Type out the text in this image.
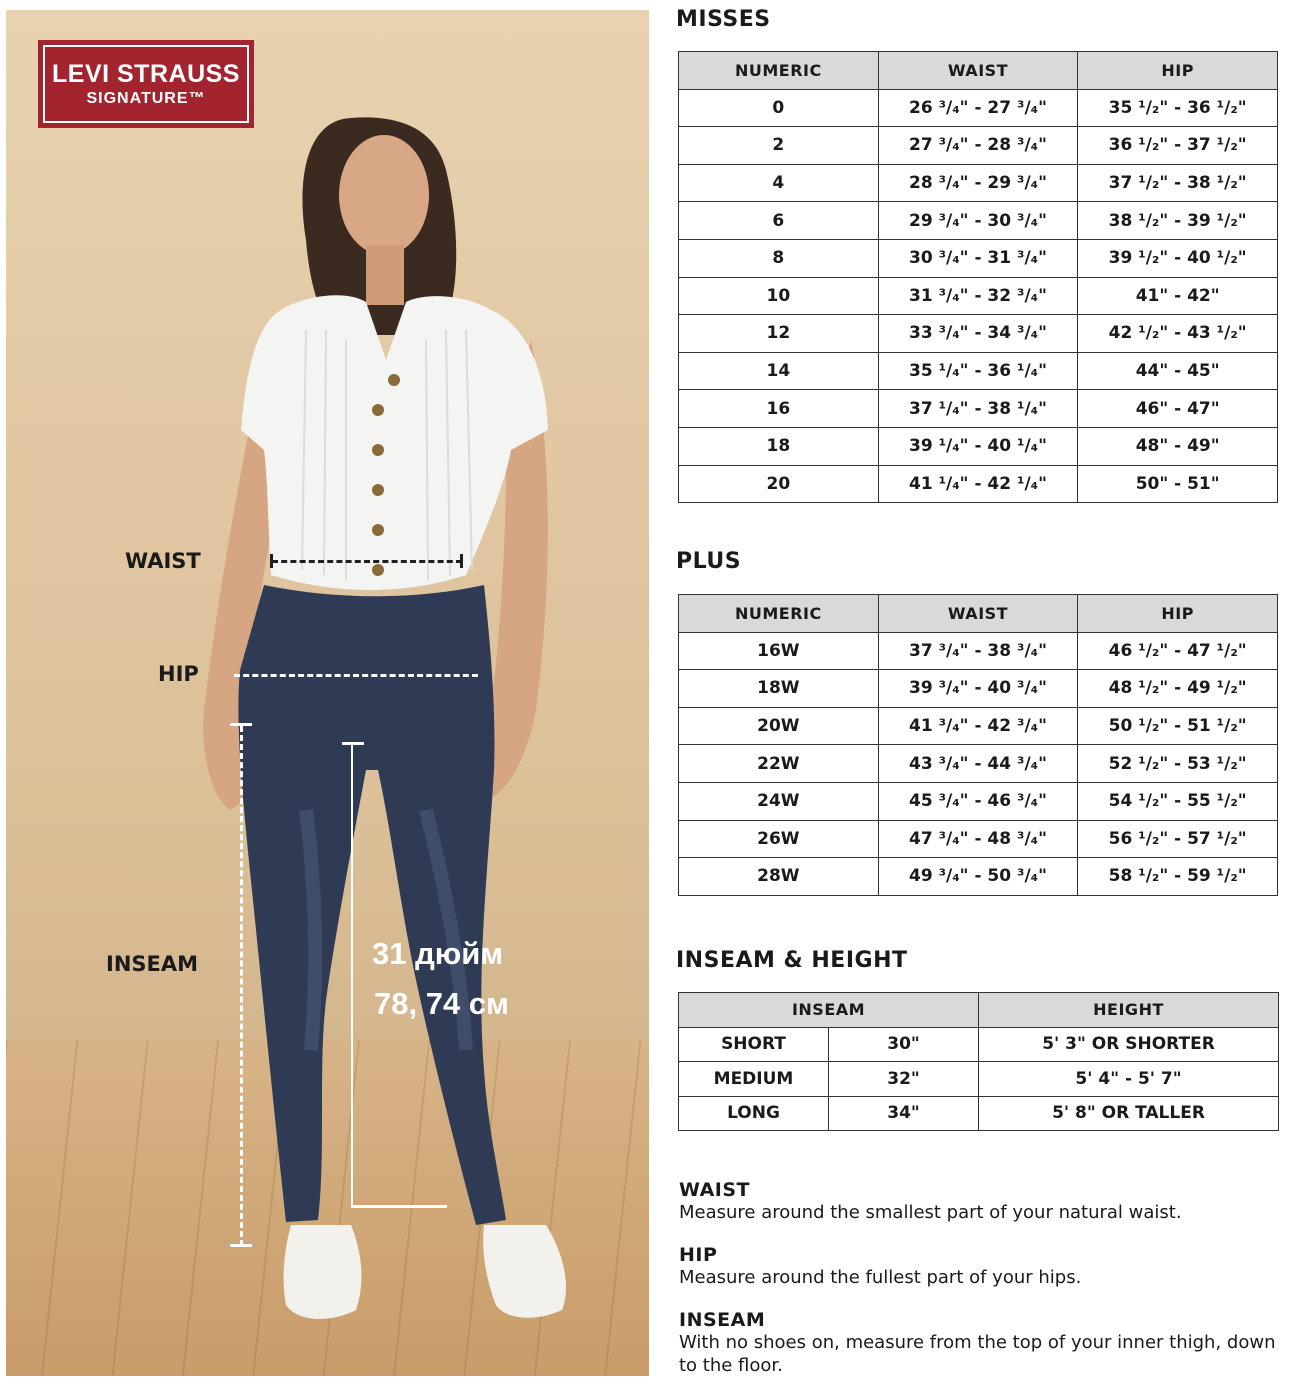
LEVI STRAUSS
SIGNATURE™
WAIST
HIP
INSEAM	31 дюйм
78, 74 см
MISSES
NUMERIC	WAIST	HIP
0	26 ³/₄" - 27 ³/₄"	35 ¹/₂" - 36 ¹/₂"
2	27 ³/₄" - 28 ³/₄"	36 ¹/₂" - 37 ¹/₂"
4	28 ³/₄" - 29 ³/₄"	37 ¹/₂" - 38 ¹/₂"
6	29 ³/₄" - 30 ³/₄"	38 ¹/₂" - 39 ¹/₂"
8	30 ³/₄" - 31 ³/₄"	39 ¹/₂" - 40 ¹/₂"
10	31 ³/₄" - 32 ³/₄"	41" - 42"
12	33 ³/₄" - 34 ³/₄"	42 ¹/₂" - 43 ¹/₂"
14	35 ¹/₄" - 36 ¹/₄"	44" - 45"
16	37 ¹/₄" - 38 ¹/₄"	46" - 47"
18	39 ¹/₄" - 40 ¹/₄"	48" - 49"
20	41 ¹/₄" - 42 ¹/₄"	50" - 51"
PLUS
NUMERIC	WAIST	HIP
16W	37 ³/₄" - 38 ³/₄"	46 ¹/₂" - 47 ¹/₂"
18W	39 ³/₄" - 40 ³/₄"	48 ¹/₂" - 49 ¹/₂"
20W	41 ³/₄" - 42 ³/₄"	50 ¹/₂" - 51 ¹/₂"
22W	43 ³/₄" - 44 ³/₄"	52 ¹/₂" - 53 ¹/₂"
24W	45 ³/₄" - 46 ³/₄"	54 ¹/₂" - 55 ¹/₂"
26W	47 ³/₄" - 48 ³/₄"	56 ¹/₂" - 57 ¹/₂"
28W	49 ³/₄" - 50 ³/₄"	58 ¹/₂" - 59 ¹/₂"
INSEAM & HEIGHT
INSEAM		HEIGHT
SHORT	30"	5' 3" OR SHORTER
MEDIUM	32"	5' 4" - 5' 7"
LONG	34"	5' 8" OR TALLER
WAIST
Measure around the smallest part of your natural waist.
HIP
Measure around the fullest part of your hips.
INSEAM
With no shoes on, measure from the top of your inner thigh, down to the floor.
